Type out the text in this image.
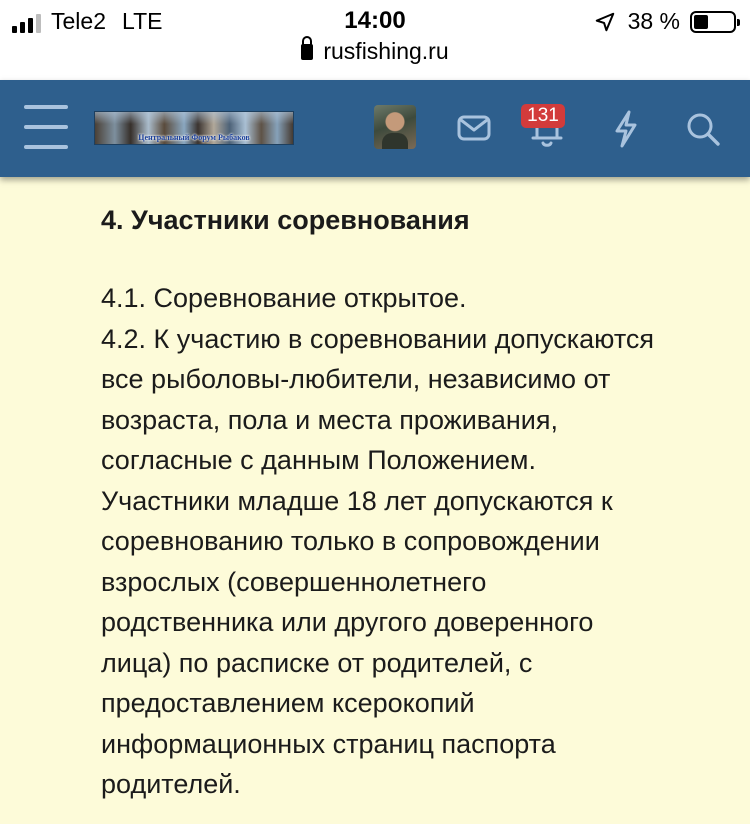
Tele2 LTE	14:00	38 %
rusfishing.ru
Центральный Форум Рыбаков
131
4. Участники соревнования
4.1. Соревнование открытое.
4.2. К участию в соревновании допускаются
все рыболовы-любители, независимо от
возраста, пола и места проживания,
согласные с данным Положением.
Участники младше 18 лет допускаются к
соревнованию только в сопровождении
взрослых (совершеннолетнего
родственника или другого доверенного
лица) по расписке от родителей, с
предоставлением ксерокопий
информационных страниц паспорта
родителей.
